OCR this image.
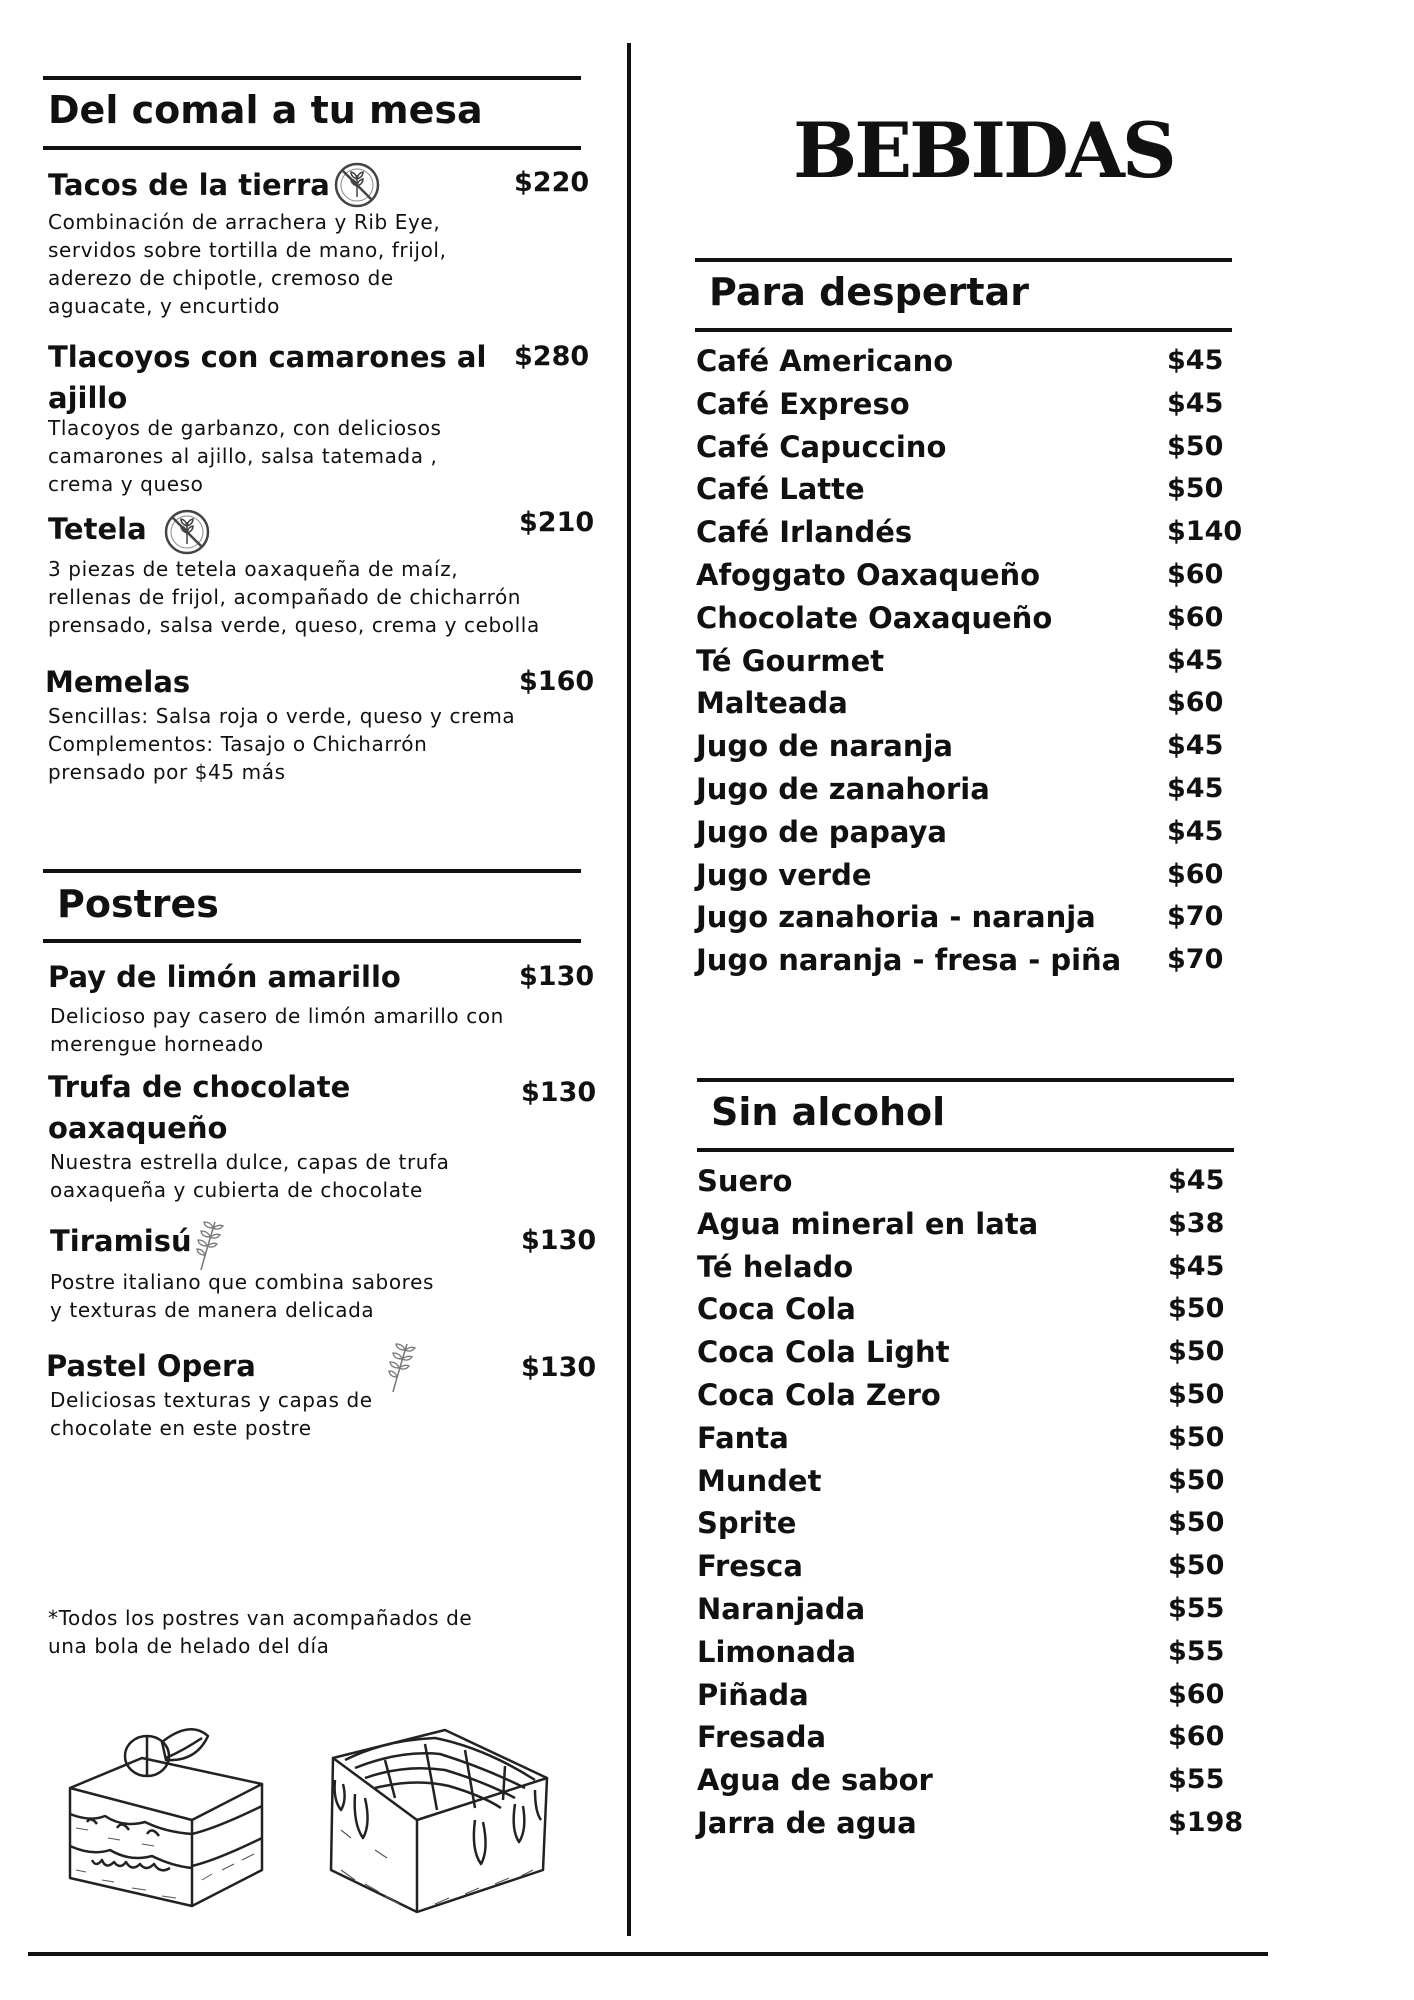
Del comal a tu mesa
Tacos de la tierra	$220
Combinación de arrachera y Rib Eye,
servidos sobre tortilla de mano, frijol,
aderezo de chipotle, cremoso de
aguacate, y encurtido
Tlacoyos con camarones al
ajillo
$280
Tlacoyos de garbanzo, con deliciosos
camarones al ajillo, salsa tatemada ,
crema y queso
Tetela	$210
3 piezas de tetela oaxaqueña de maíz,
rellenas de frijol, acompañado de chicharrón
prensado, salsa verde, queso, crema y cebolla
Memelas	$160
Sencillas: Salsa roja o verde, queso y crema
Complementos: Tasajo o Chicharrón
prensado por $45 más
Postres
Pay de limón amarillo	$130
Delicioso pay casero de limón amarillo con
merengue horneado
Trufa de chocolate
oaxaqueño
$130
Nuestra estrella dulce, capas de trufa
oaxaqueña y cubierta de chocolate
Tiramisú	$130
Postre italiano que combina sabores
y texturas de manera delicada
Pastel Opera	$130
Deliciosas texturas y capas de
chocolate en este postre
*Todos los postres van acompañados de
una bola de helado del día
BEBIDAS
Para despertar
Café Americano	$45
Café Expreso	$45
Café Capuccino	$50
Café Latte	$50
Café Irlandés	$140
Afoggato Oaxaqueño	$60
Chocolate Oaxaqueño	$60
Té Gourmet	$45
Malteada	$60
Jugo de naranja	$45
Jugo de zanahoria	$45
Jugo de papaya	$45
Jugo verde	$60
Jugo zanahoria - naranja	$70
Jugo naranja - fresa - piña $70
Sin alcohol
Suero	$45
Agua mineral en lata	$38
Té helado	$45
Coca Cola	$50
Coca Cola Light	$50
Coca Cola Zero	$50
Fanta	$50
Mundet	$50
Sprite	$50
Fresca	$50
Naranjada	$55
Limonada	$55
Piñada	$60
Fresada	$60
Agua de sabor	$55
Jarra de agua	$198
